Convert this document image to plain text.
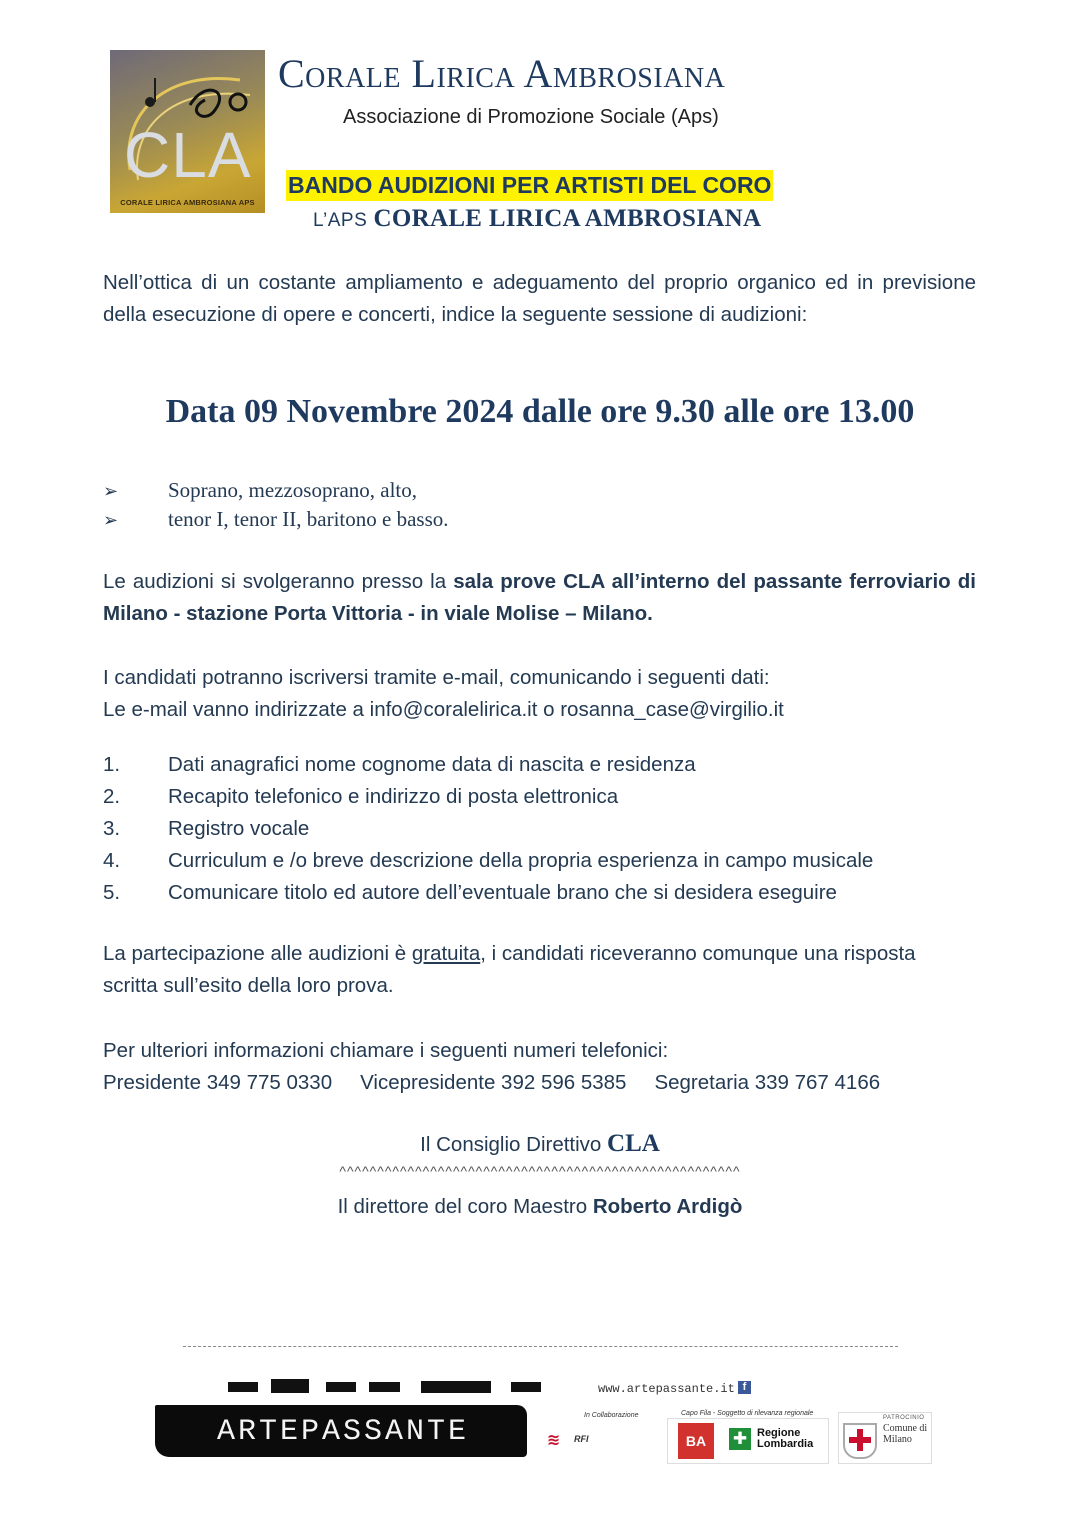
CLA
CORALE LIRICA AMBROSIANA APS
Corale Lirica Ambrosiana
Associazione di Promozione Sociale (Aps)
BANDO AUDIZIONI PER ARTISTI DEL CORO
L’APS CORALE LIRICA AMBROSIANA
Nell’ottica di un costante ampliamento e adeguamento del proprio organico ed in previsione della esecuzione di opere e concerti, indice la seguente sessione di audizioni:
Data 09 Novembre 2024 dalle ore 9.30 alle ore 13.00
➢ Soprano, mezzosoprano, alto,
➢ tenor I, tenor II, baritono e basso.
Le audizioni si svolgeranno presso la sala prove CLA all’interno del passante ferroviario di Milano - stazione Porta Vittoria - in viale Molise – Milano.
I candidati potranno iscriversi tramite e-mail, comunicando i seguenti dati:
Le e-mail vanno indirizzate a info@coralelirica.it o rosanna_case@virgilio.it
1. Dati anagrafici nome cognome data di nascita e residenza
2. Recapito telefonico e indirizzo di posta elettronica
3. Registro vocale
4. Curriculum e /o breve descrizione della propria esperienza in campo musicale
5. Comunicare titolo ed autore dell’eventuale brano che si desidera eseguire
La partecipazione alle audizioni è gratuita, i candidati riceveranno comunque una risposta scritta sull’esito della loro prova.
Per ulteriori informazioni chiamare i seguenti numeri telefonici:
Presidente 349 775 0330 Vicepresidente 392 596 5385 Segretaria 339 767 4166
Il Consiglio Direttivo CLA
^^^^^^^^^^^^^^^^^^^^^^^^^^^^^^^^^^^^^^^^^^^^^^^^^^^^^
Il direttore del coro Maestro Roberto Ardigò
ARTEPASSANTE
www.artepassante.it f
In Collaborazione
≋ RFI
Capo Fila - Soggetto di rilevanza regionale
BA	✚ Regione
Lombardia
PATROCINIO
Comune di
Milano
